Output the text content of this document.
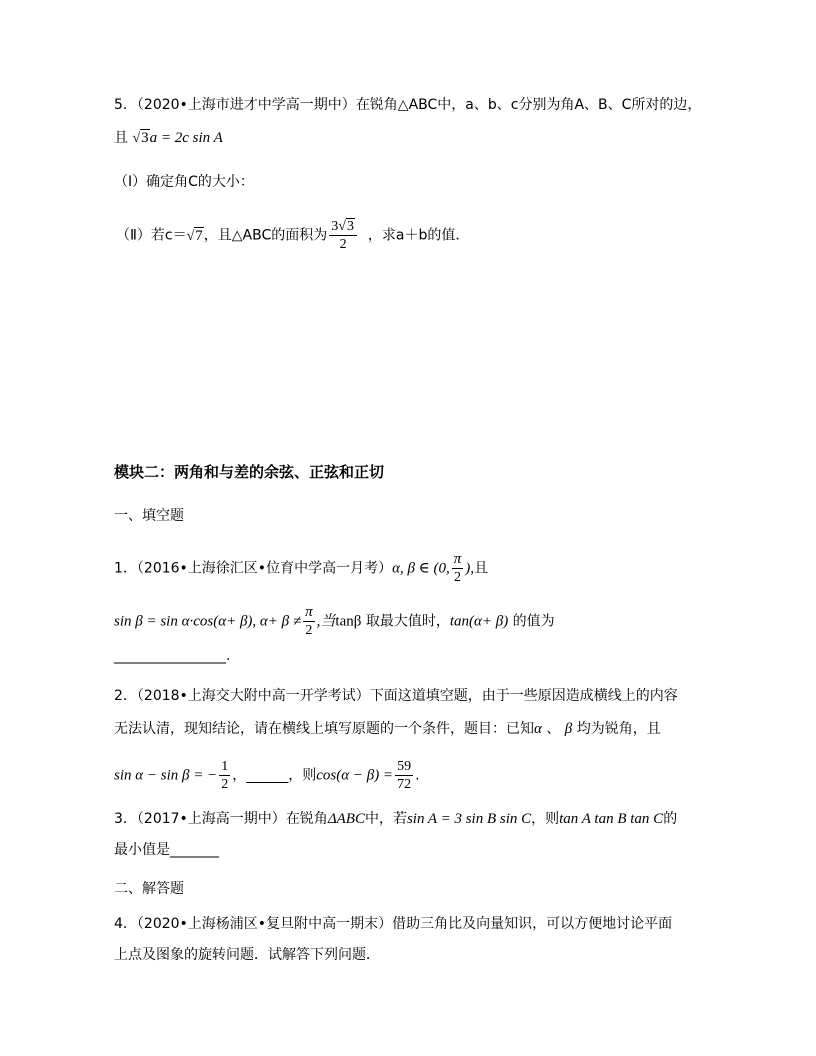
5．（2020•上海市进才中学高一期中）在锐角△ABC中，a、b、c分别为角A、B、C所对的边，
且 √3a = 2c sin A
（Ⅰ）确定角C的大小：
（Ⅱ）若c＝√7，且△ABC的面积为 $\frac{3√3}{2}$ ，求a＋b的值．
模块二：两角和与差的余弦、正弦和正切
一、填空题
1．（2016•上海徐汇区•位育中学高一月考）α, β ∈ (0, $\frac{\pi}{2}$ ),且
sin β = sin α·cos(α+ β), $\alpha+ \beta \ne \frac{\pi}{2}$ ,当tanβ 取最大值时，tan(α+ β) 的值为
________________.
2．（2018•上海交大附中高一开学考试）下面这道填空题，由于一些原因造成横线上的内容
无法认清，现知结论，请在横线上填写原题的一个条件，题目：已知α 、 β 均为锐角，且
sin α − sin β = − $\frac{1}{2}$ ，______，则$\cos(\alpha - \beta) = \frac{59}{72}$ .
3．（2017•上海高一期中）在锐角ΔABC中，若sin A = 3 sin B sin C，则tan A tan B tan C的
最小值是_______
二、解答题
4．（2020•上海杨浦区•复旦附中高一期末）借助三角比及向量知识，可以方便地讨论平面
上点及图象的旋转问题．试解答下列问题．
